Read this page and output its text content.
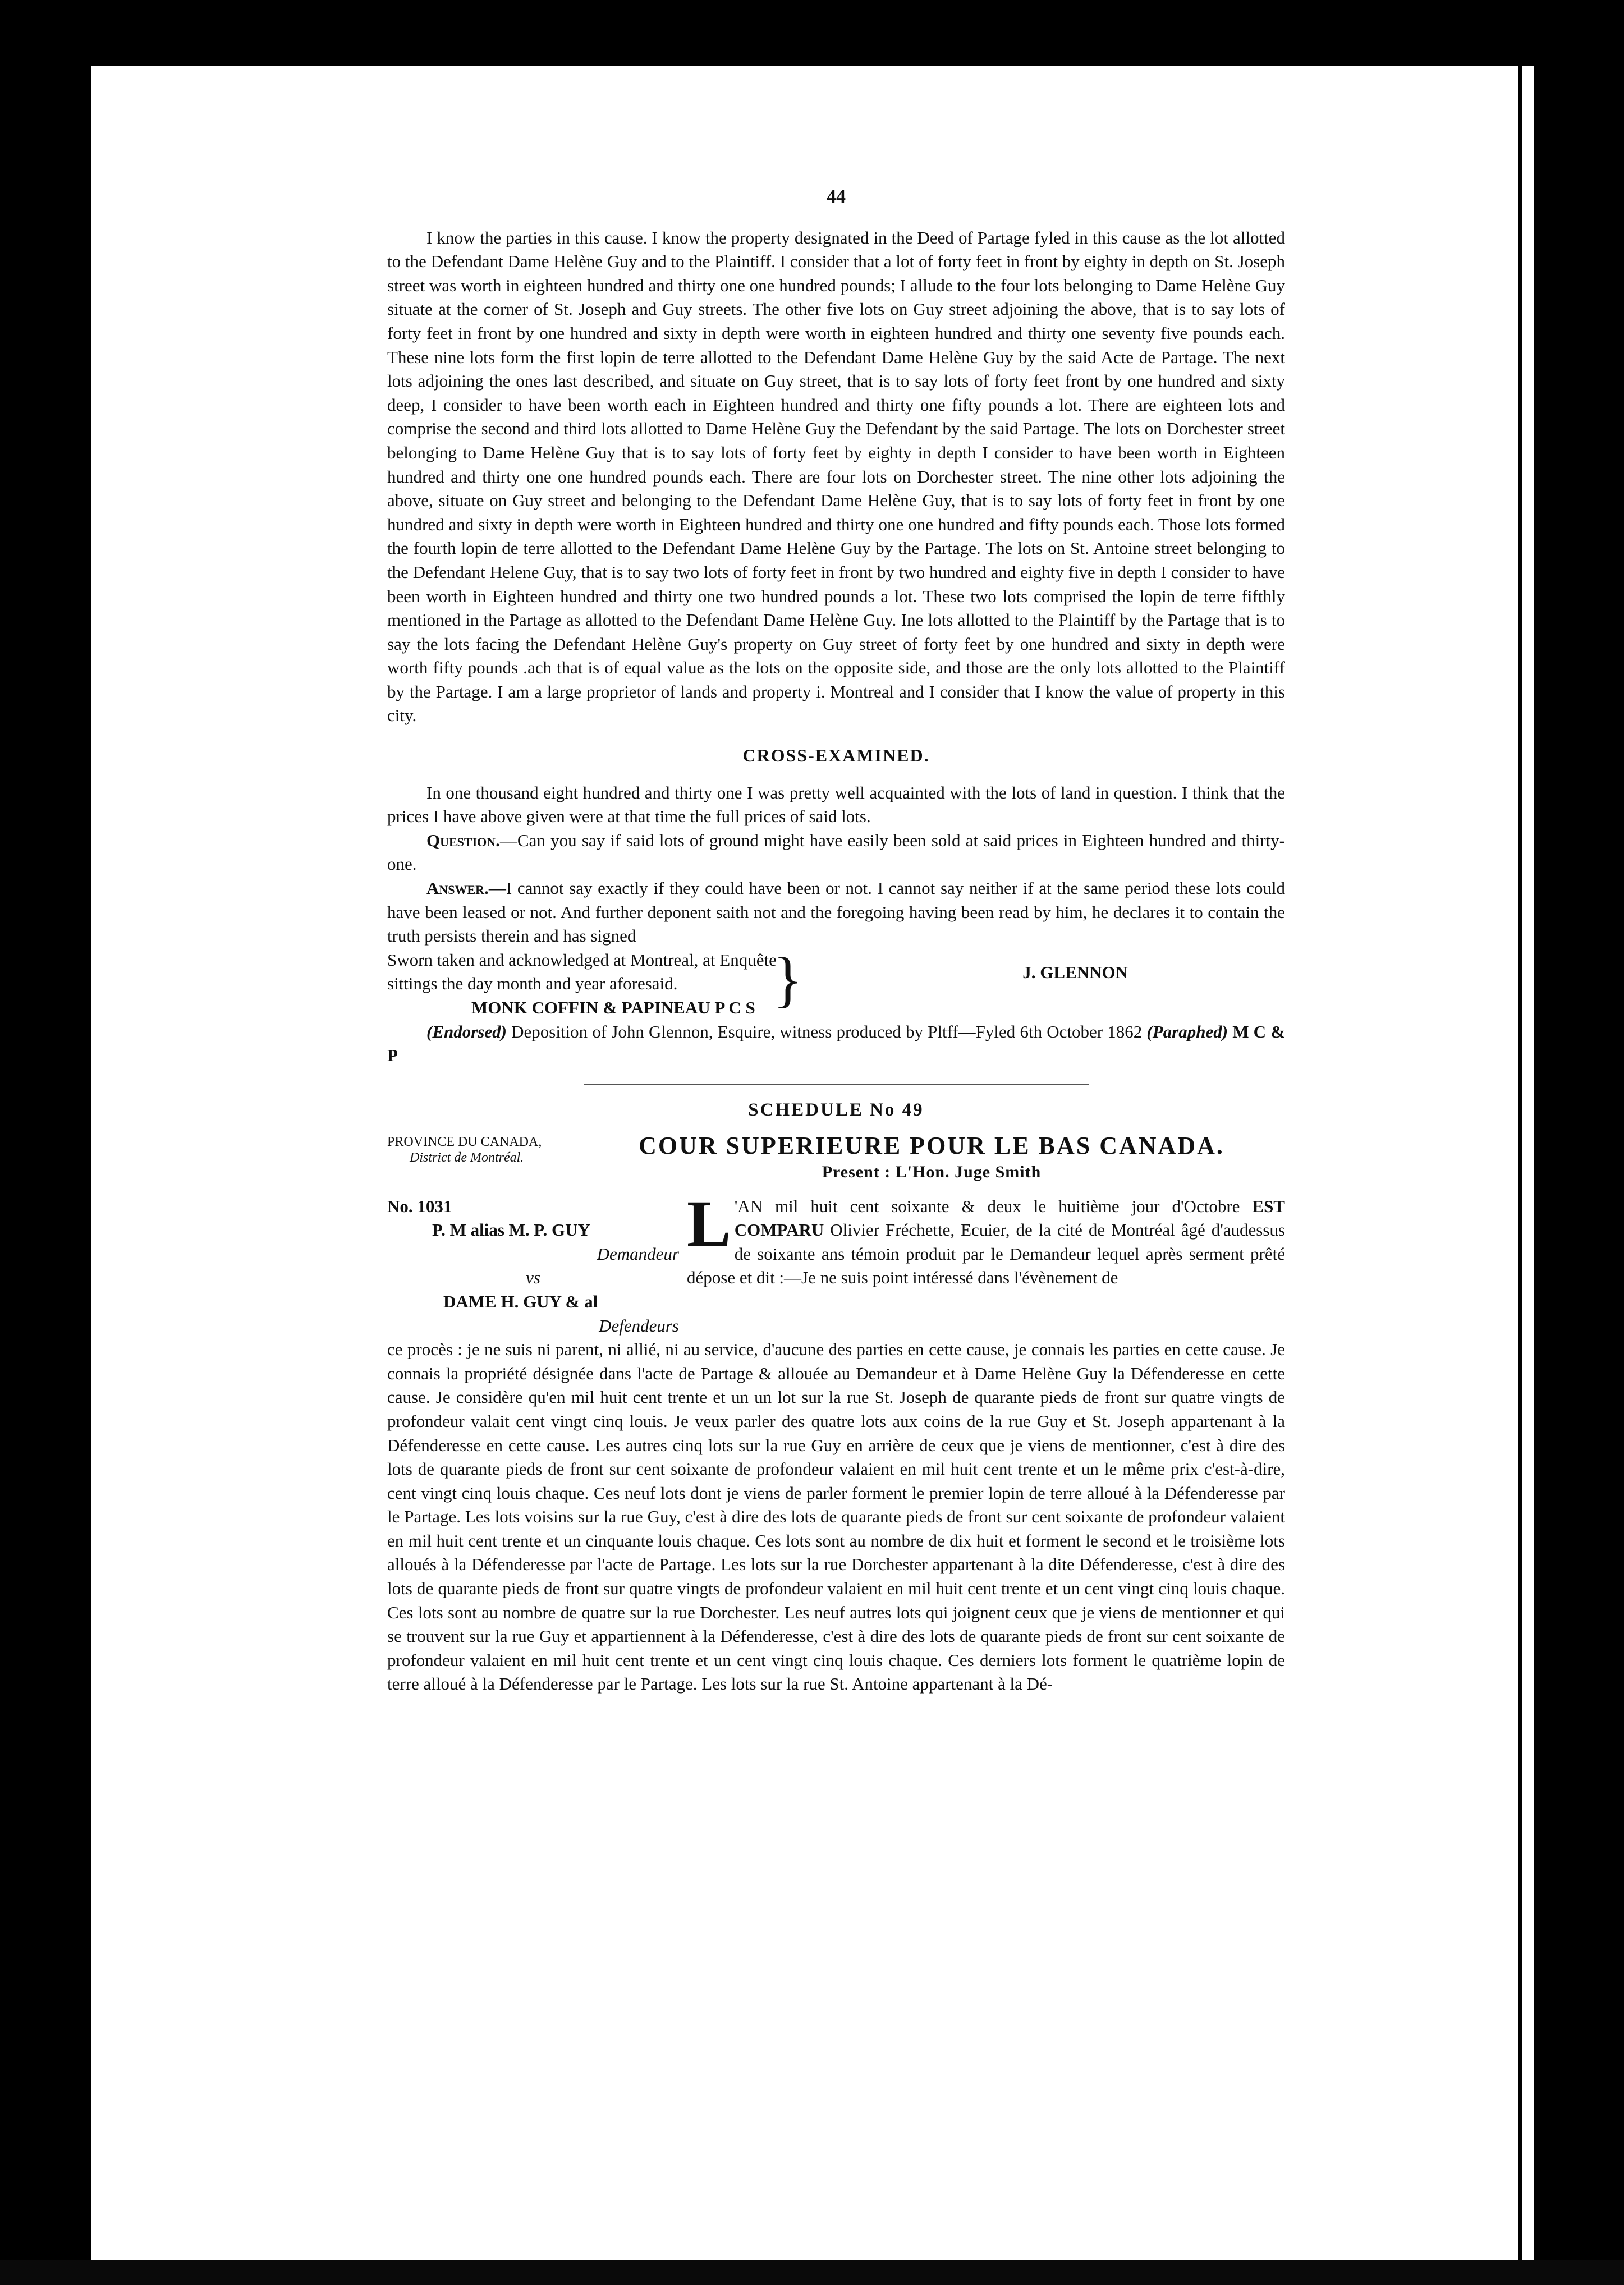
44

I know the parties in this cause. I know the property designated in the Deed of Partage fyled in this cause as the lot allotted to the Defendant Dame Helène Guy and to the Plaintiff. I consider that a lot of forty feet in front by eighty in depth on St. Joseph street was worth in eighteen hundred and thirty one one hundred pounds; I allude to the four lots belonging to Dame Helène Guy situate at the corner of St. Joseph and Guy streets. The other five lots on Guy street adjoining the above, that is to say lots of forty feet in front by one hundred and sixty in depth were worth in eighteen hundred and thirty one seventy five pounds each. These nine lots form the first lopin de terre allotted to the Defendant Dame Helène Guy by the said Acte de Partage. The next lots adjoining the ones last described, and situate on Guy street, that is to say lots of forty feet front by one hundred and sixty deep, I consider to have been worth each in Eighteen hundred and thirty one fifty pounds a lot. There are eighteen lots and comprise the second and third lots allotted to Dame Helène Guy the Defendant by the said Partage. The lots on Dorchester street belonging to Dame Helène Guy that is to say lots of forty feet by eighty in depth I consider to have been worth in Eighteen hundred and thirty one one hundred pounds each. There are four lots on Dorchester street. The nine other lots adjoining the above, situate on Guy street and belonging to the Defendant Dame Helène Guy, that is to say lots of forty feet in front by one hundred and sixty in depth were worth in Eighteen hundred and thirty one one hundred and fifty pounds each. Those lots formed the fourth lopin de terre allotted to the Defendant Dame Helène Guy by the Partage. The lots on St. Antoine street belonging to the Defendant Helene Guy, that is to say two lots of forty feet in front by two hundred and eighty five in depth I consider to have been worth in Eighteen hundred and thirty one two hundred pounds a lot. These two lots comprised the lopin de terre fifthly mentioned in the Partage as allotted to the Defendant Dame Helène Guy. Ine lots allotted to the Plaintiff by the Partage that is to say the lots facing the Defendant Helène Guy's property on Guy street of forty feet by one hundred and sixty in depth were worth fifty pounds .ach that is of equal value as the lots on the opposite side, and those are the only lots allotted to the Plaintiff by the Partage. I am a large proprietor of lands and property i. Montreal and I consider that I know the value of property in this city.

CROSS-EXAMINED.

In one thousand eight hundred and thirty one I was pretty well acquainted with the lots of land in question. I think that the prices I have above given were at that time the full prices of said lots.

Question.—Can you say if said lots of ground might have easily been sold at said prices in Eighteen hundred and thirty-one.

Answer.—I cannot say exactly if they could have been or not. I cannot say neither if at the same period these lots could have been leased or not. And further deponent saith not and the foregoing having been read by him, he declares it to contain the truth persists therein and has signed

Sworn taken and acknowledged at Montreal, at Enquête sittings the day month and year aforesaid. }	J. GLENNON
MONK COFFIN & PAPINEAU P C S

(Endorsed) Deposition of John Glennon, Esquire, witness produced by Pltff—Fyled 6th October 1862 (Paraphed) M C & P

SCHEDULE No 49
PROVINCE DU CANADA,
District de Montréal.	COUR SUPERIEURE POUR LE BAS CANADA.
Present : L'Hon. Juge Smith
No. 1031
P. M alias M. P. GUY
Demandeur
vs
DAME H. GUY & al
Defendeurs
L 'AN mil huit cent soixante & deux le huitième jour d'Octobre EST COMPARU Olivier Fréchette, Ecuier, de la cité de Montréal âgé d'audessus de soixante ans témoin produit par le Demandeur lequel après serment prêté dépose et dit :—Je ne suis point intéressé dans l'évènement de

ce procès : je ne suis ni parent, ni allié, ni au service, d'aucune des parties en cette cause, je connais les parties en cette cause. Je connais la propriété désignée dans l'acte de Partage & allouée au Demandeur et à Dame Helène Guy la Défenderesse en cette cause. Je considère qu'en mil huit cent trente et un un lot sur la rue St. Joseph de quarante pieds de front sur quatre vingts de profondeur valait cent vingt cinq louis. Je veux parler des quatre lots aux coins de la rue Guy et St. Joseph appartenant à la Défenderesse en cette cause. Les autres cinq lots sur la rue Guy en arrière de ceux que je viens de mentionner, c'est à dire des lots de quarante pieds de front sur cent soixante de profondeur valaient en mil huit cent trente et un le même prix c'est-à-dire, cent vingt cinq louis chaque. Ces neuf lots dont je viens de parler forment le premier lopin de terre alloué à la Défenderesse par le Partage. Les lots voisins sur la rue Guy, c'est à dire des lots de quarante pieds de front sur cent soixante de profondeur valaient en mil huit cent trente et un cinquante louis chaque. Ces lots sont au nombre de dix huit et forment le second et le troisième lots alloués à la Défenderesse par l'acte de Partage. Les lots sur la rue Dorchester appartenant à la dite Défenderesse, c'est à dire des lots de quarante pieds de front sur quatre vingts de profondeur valaient en mil huit cent trente et un cent vingt cinq louis chaque. Ces lots sont au nombre de quatre sur la rue Dorchester. Les neuf autres lots qui joignent ceux que je viens de mentionner et qui se trouvent sur la rue Guy et appartiennent à la Défenderesse, c'est à dire des lots de quarante pieds de front sur cent soixante de profondeur valaient en mil huit cent trente et un cent vingt cinq louis chaque. Ces derniers lots forment le quatrième lopin de terre alloué à la Défenderesse par le Partage. Les lots sur la rue St. Antoine appartenant à la Dé-
